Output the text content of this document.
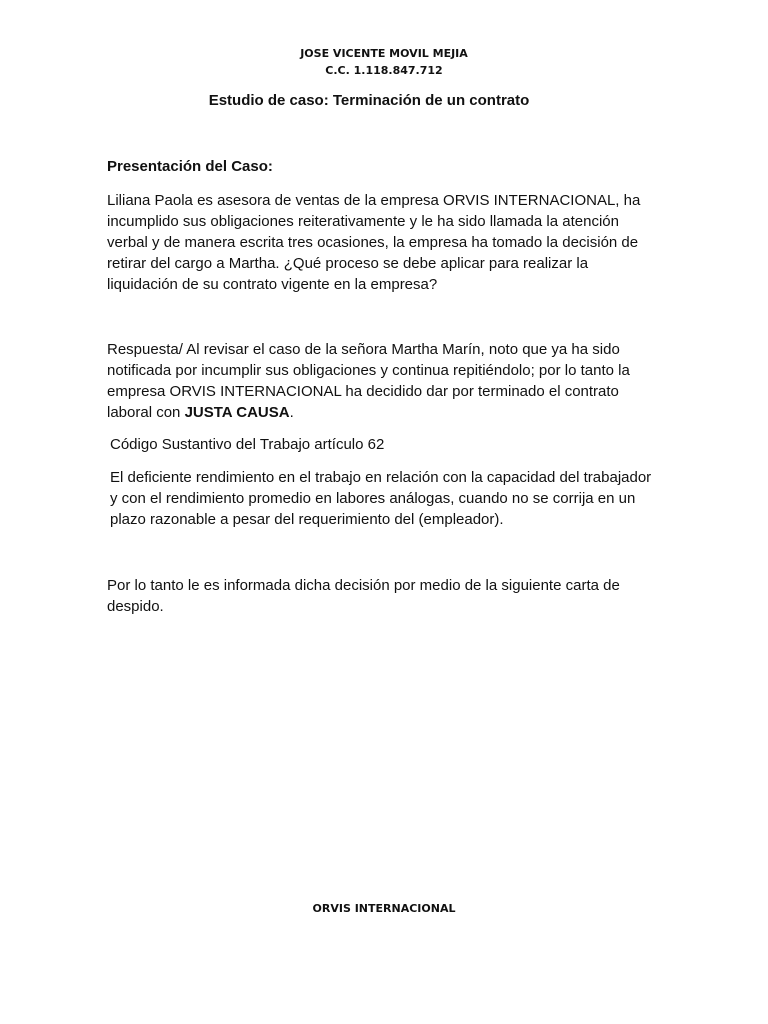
JOSE VICENTE MOVIL MEJIA
C.C. 1.118.847.712
Estudio de caso: Terminación de un contrato
Presentación del Caso:

Liliana Paola es asesora de ventas de la empresa ORVIS INTERNACIONAL, ha incumplido sus obligaciones reiterativamente y le ha sido llamada la atención verbal y de manera escrita tres ocasiones, la empresa ha tomado la decisión de retirar del cargo a Martha. ¿Qué proceso se debe aplicar para realizar la liquidación de su contrato vigente en la empresa?

Respuesta/ Al revisar el caso de la señora Martha Marín, noto que ya ha sido notificada por incumplir sus obligaciones y continua repitiéndolo; por lo tanto la empresa ORVIS INTERNACIONAL ha decidido dar por terminado el contrato laboral con JUSTA CAUSA.

Código Sustantivo del Trabajo artículo 62

El deficiente rendimiento en el trabajo en relación con la capacidad del trabajador y con el rendimiento promedio en labores análogas, cuando no se corrija en un plazo razonable a pesar del requerimiento del (empleador).

Por lo tanto le es informada dicha decisión por medio de la siguiente carta de despido.

ORVIS INTERNACIONAL
